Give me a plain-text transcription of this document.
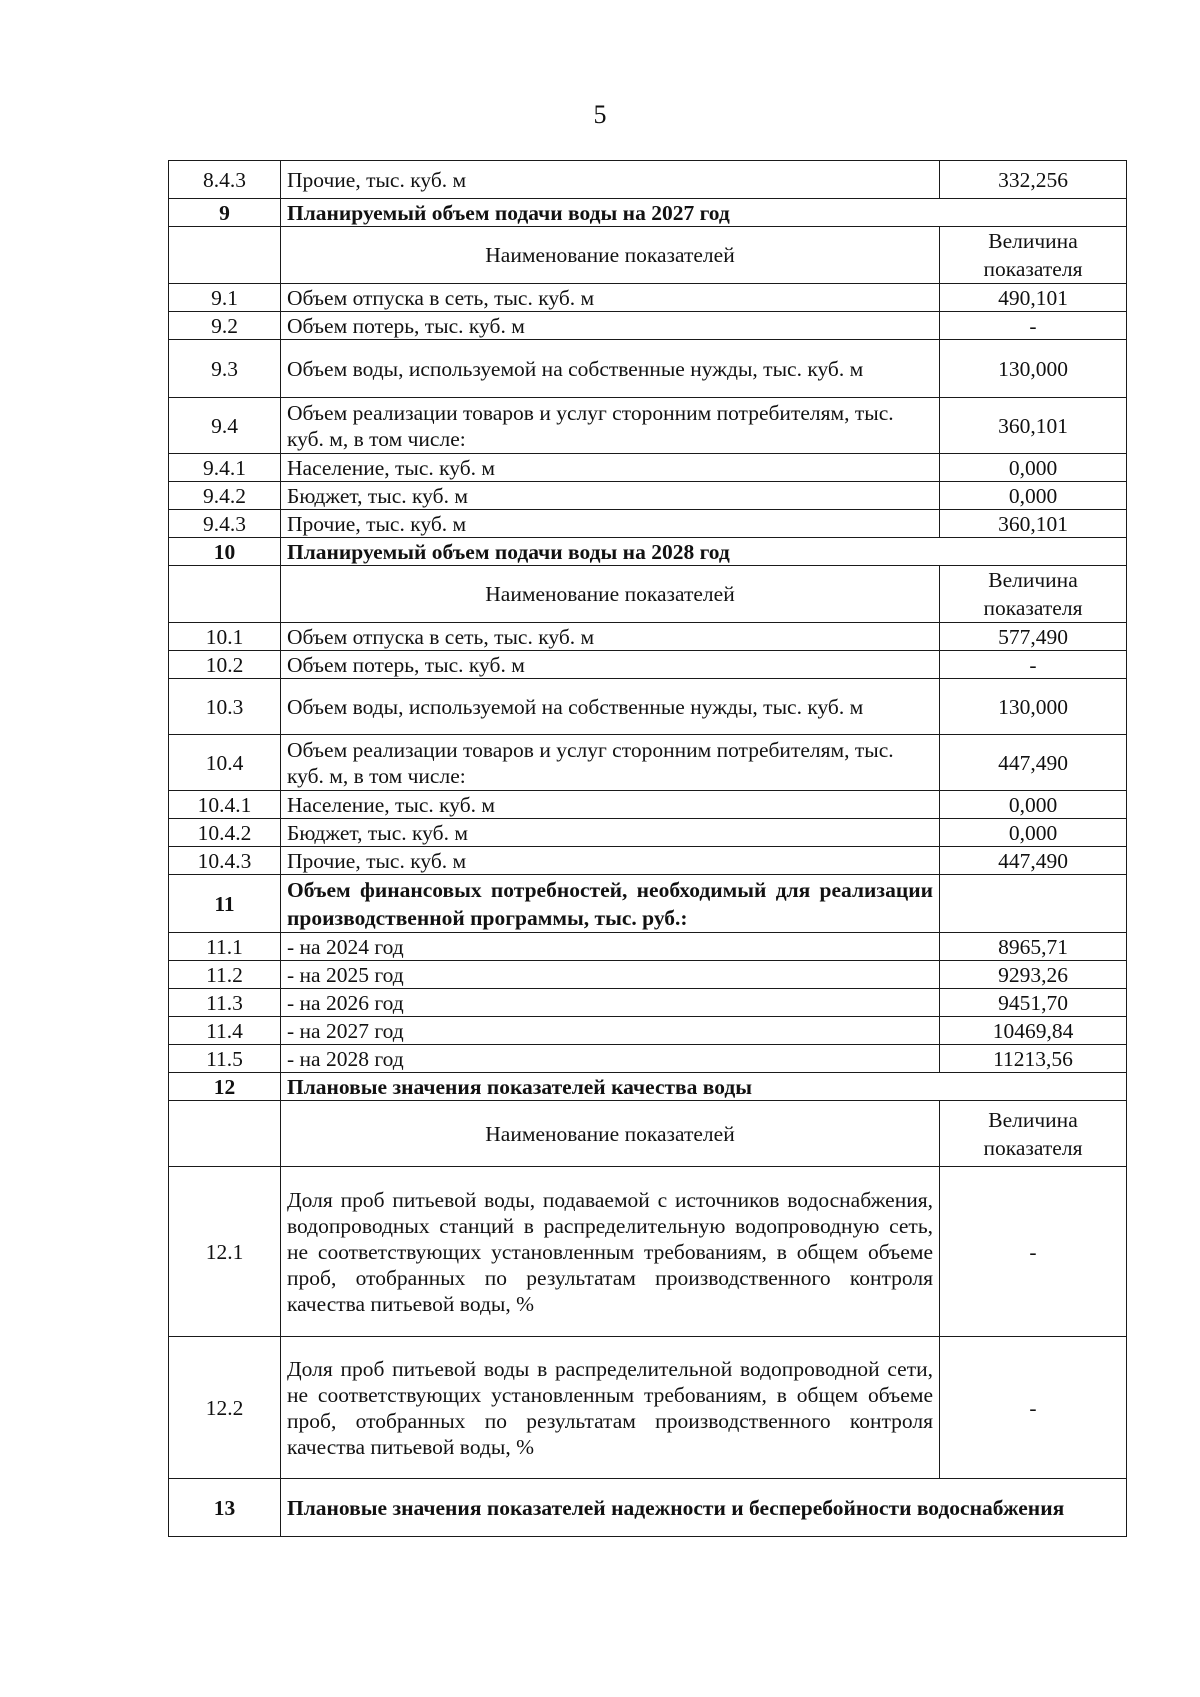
5
8.4.3	Прочие, тыс. куб. м	332,256
9	Планируемый объем подачи воды на 2027 год	
	Наименование показателей	Величина показателя
9.1	Объем отпуска в сеть, тыс. куб. м	490,101
9.2	Объем потерь, тыс. куб. м	-
9.3	Объем воды, используемой на собственные нужды, тыс. куб. м	130,000
9.4	Объем реализации товаров и услуг сторонним потребителям, тыс. куб. м, в том числе:	360,101
9.4.1	Население, тыс. куб. м	0,000
9.4.2	Бюджет, тыс. куб. м	0,000
9.4.3	Прочие, тыс. куб. м	360,101
10	Планируемый объем подачи воды на 2028 год	
	Наименование показателей	Величина показателя
10.1	Объем отпуска в сеть, тыс. куб. м	577,490
10.2	Объем потерь, тыс. куб. м	-
10.3	Объем воды, используемой на собственные нужды, тыс. куб. м	130,000
10.4	Объем реализации товаров и услуг сторонним потребителям, тыс. куб. м, в том числе:	447,490
10.4.1	Население, тыс. куб. м	0,000
10.4.2	Бюджет, тыс. куб. м	0,000
10.4.3	Прочие, тыс. куб. м	447,490
11	Объем финансовых потребностей, необходимый для реализации производственной программы, тыс. руб.:	
11.1	- на 2024 год	8965,71
11.2	- на 2025 год	9293,26
11.3	- на 2026 год	9451,70
11.4	- на 2027 год	10469,84
11.5	- на 2028 год	11213,56
12	Плановые значения показателей качества воды	
	Наименование показателей	Величина показателя
12.1	Доля проб питьевой воды, подаваемой с источников водоснабжения, водопроводных станций в распределительную водопроводную сеть, не соответствующих установленным требованиям, в общем объеме проб, отобранных по результатам производственного контроля качества питьевой воды, %	-
12.2	Доля проб питьевой воды в распределительной водопроводной сети, не соответствующих установленным требованиям, в общем объеме проб, отобранных по результатам производственного контроля качества питьевой воды, %	-
13	Плановые значения показателей надежности и бесперебойности водоснабжения	
